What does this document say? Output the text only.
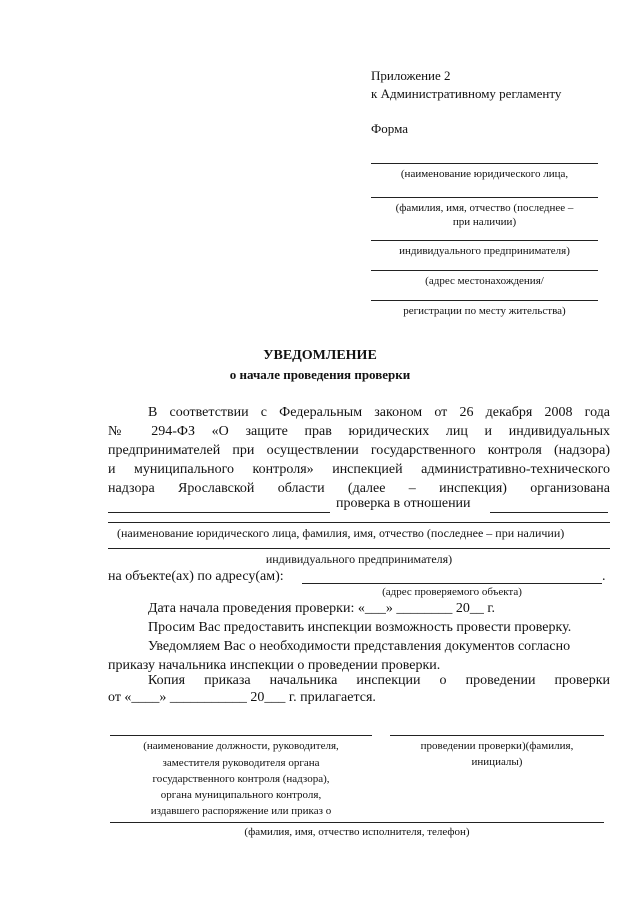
Приложение 2
к Административному регламенту
Форма
(наименование юридического лица,
(фамилия, имя, отчество (последнее –
при наличии)
индивидуального предпринимателя)
(адрес местонахождения/
регистрации по месту жительства)
УВЕДОМЛЕНИЕ
о начале проведения проверки
В соответствии с Федеральным законом от 26 декабря 2008 года
№ 294-ФЗ «О защите прав юридических лиц и индивидуальных
предпринимателей при осуществлении государственного контроля (надзора)
и муниципального контроля» инспекцией административно-технического
надзора Ярославской области (далее – инспекция) организована
проверка в отношении
(наименование юридического лица, фамилия, имя, отчество (последнее – при наличии)
индивидуального предпринимателя)
на объекте(ах) по адресу(ам):	.
(адрес проверяемого объекта)
Дата начала проведения проверки: «___» ________ 20__ г.
Просим Вас предоставить инспекции возможность провести проверку.
Уведомляем Вас о необходимости представления документов согласно
приказу начальника инспекции о проведении проверки.
Копия приказа начальника инспекции о проведении проверки
от «____» ___________ 20___ г. прилагается.
(наименование должности, руководителя,
заместителя руководителя органа
государственного контроля (надзора),
органа муниципального контроля,
издавшего распоряжение или приказ о
проведении проверки)(фамилия,
инициалы)
(фамилия, имя, отчество исполнителя, телефон)
